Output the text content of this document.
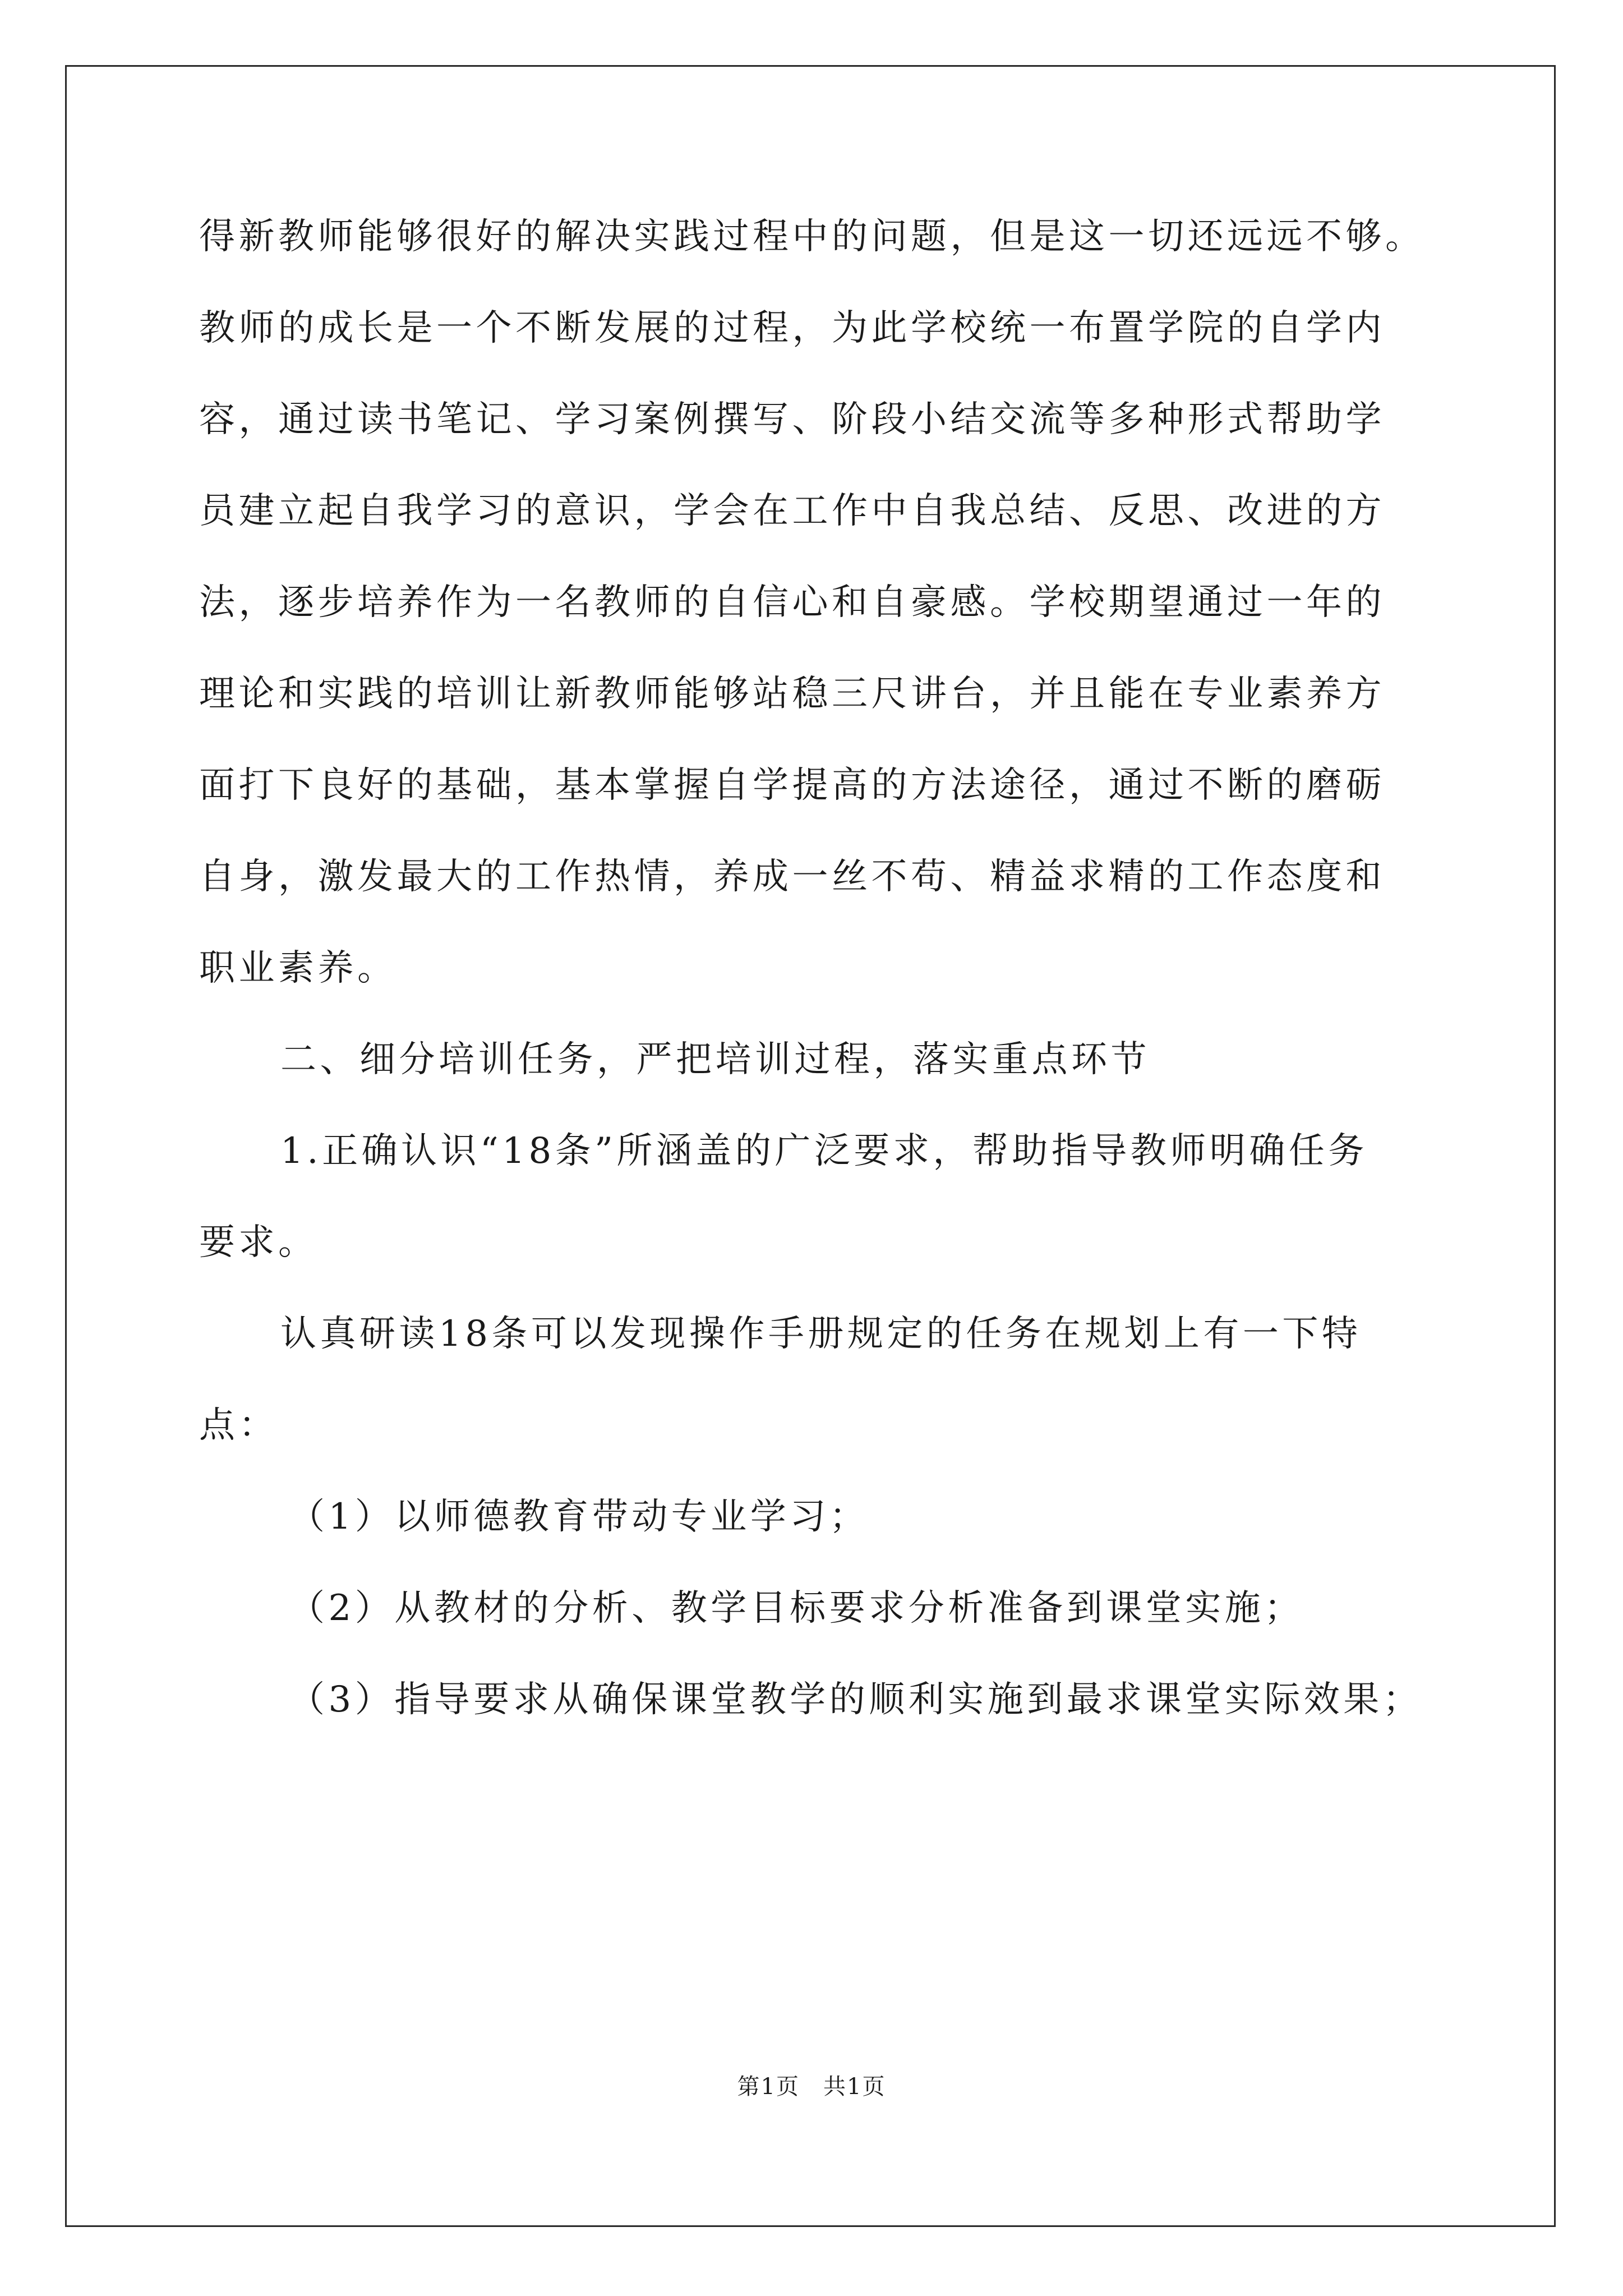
得新教师能够很好的解决实践过程中的问题，但是这一切还远远不够。
教师的成长是一个不断发展的过程，为此学校统一布置学院的自学内
容，通过读书笔记、学习案例撰写、阶段小结交流等多种形式帮助学
员建立起自我学习的意识，学会在工作中自我总结、反思、改进的方
法，逐步培养作为一名教师的自信心和自豪感。学校期望通过一年的
理论和实践的培训让新教师能够站稳三尺讲台，并且能在专业素养方
面打下良好的基础，基本掌握自学提高的方法途径，通过不断的磨砺
自身，激发最大的工作热情，养成一丝不苟、精益求精的工作态度和
职业素养。
二、细分培训任务，严把培训过程，落实重点环节
1.正确认识“18条”所涵盖的广泛要求，帮助指导教师明确任务
要求。
认真研读18条可以发现操作手册规定的任务在规划上有一下特
点：
（1）以师德教育带动专业学习；
（2）从教材的分析、教学目标要求分析准备到课堂实施；
（3）指导要求从确保课堂教学的顺利实施到最求课堂实际效果；
第1页　共1页
